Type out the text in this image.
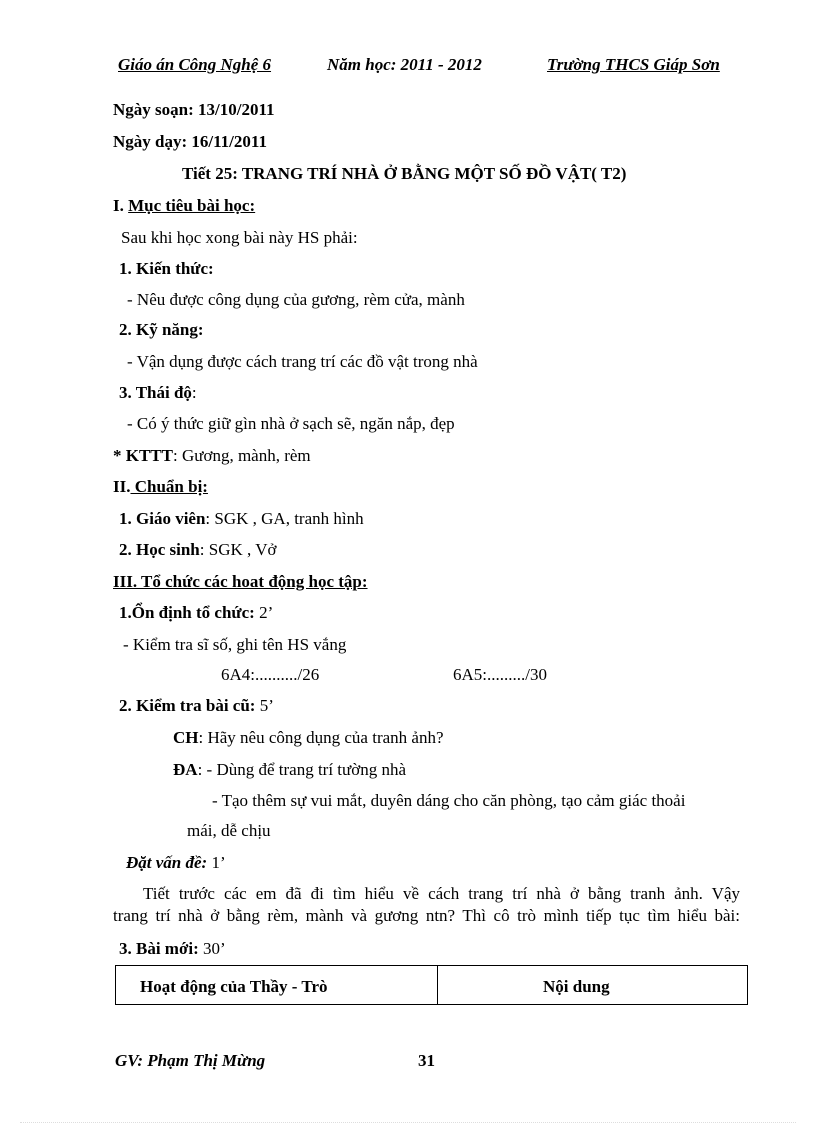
Giáo án Công Nghệ 6	Năm học: 2011 - 2012	Trường THCS Giáp Sơn
Ngày soạn: 13/10/2011
Ngày dạy: 16/11/2011
Tiết 25: TRANG TRÍ NHÀ Ở BẰNG MỘT SỐ ĐỒ VẬT( T2)
I. Mục tiêu bài học:
Sau khi học xong bài này HS phải:
1. Kiến thức:
- Nêu được công dụng của gương, rèm cửa, mành
2. Kỹ năng:
- Vận dụng được cách trang trí các đồ vật trong nhà
3. Thái độ:
- Có ý thức giữ gìn nhà ở sạch sẽ, ngăn nắp, đẹp
* KTTT: Gương, mành, rèm
II. Chuẩn bị:
1. Giáo viên: SGK , GA, tranh hình
2. Học sinh: SGK , Vở
III. Tổ chức các hoat động học tập:
1.Ổn định tổ chức: 2’
- Kiểm tra sĩ số, ghi tên HS vắng
6A4:........../26	6A5:........./30
2. Kiểm tra bài cũ: 5’
CH: Hãy nêu công dụng của tranh ảnh?
ĐA: - Dùng để trang trí tường nhà
- Tạo thêm sự vui mắt, duyên dáng cho căn phòng, tạo cảm giác thoải
mái, dễ chịu
Đặt vấn đề: 1’
Tiết trước các em đã đi tìm hiểu về cách trang trí nhà ở bằng tranh ảnh. Vậy
trang trí nhà ở bằng rèm, mành và gương ntn? Thì cô trò mình tiếp tục tìm hiểu bài:
3. Bài mới: 30’
Hoạt động của Thầy - Trò	Nội dung
GV: Phạm Thị Mừng	31
